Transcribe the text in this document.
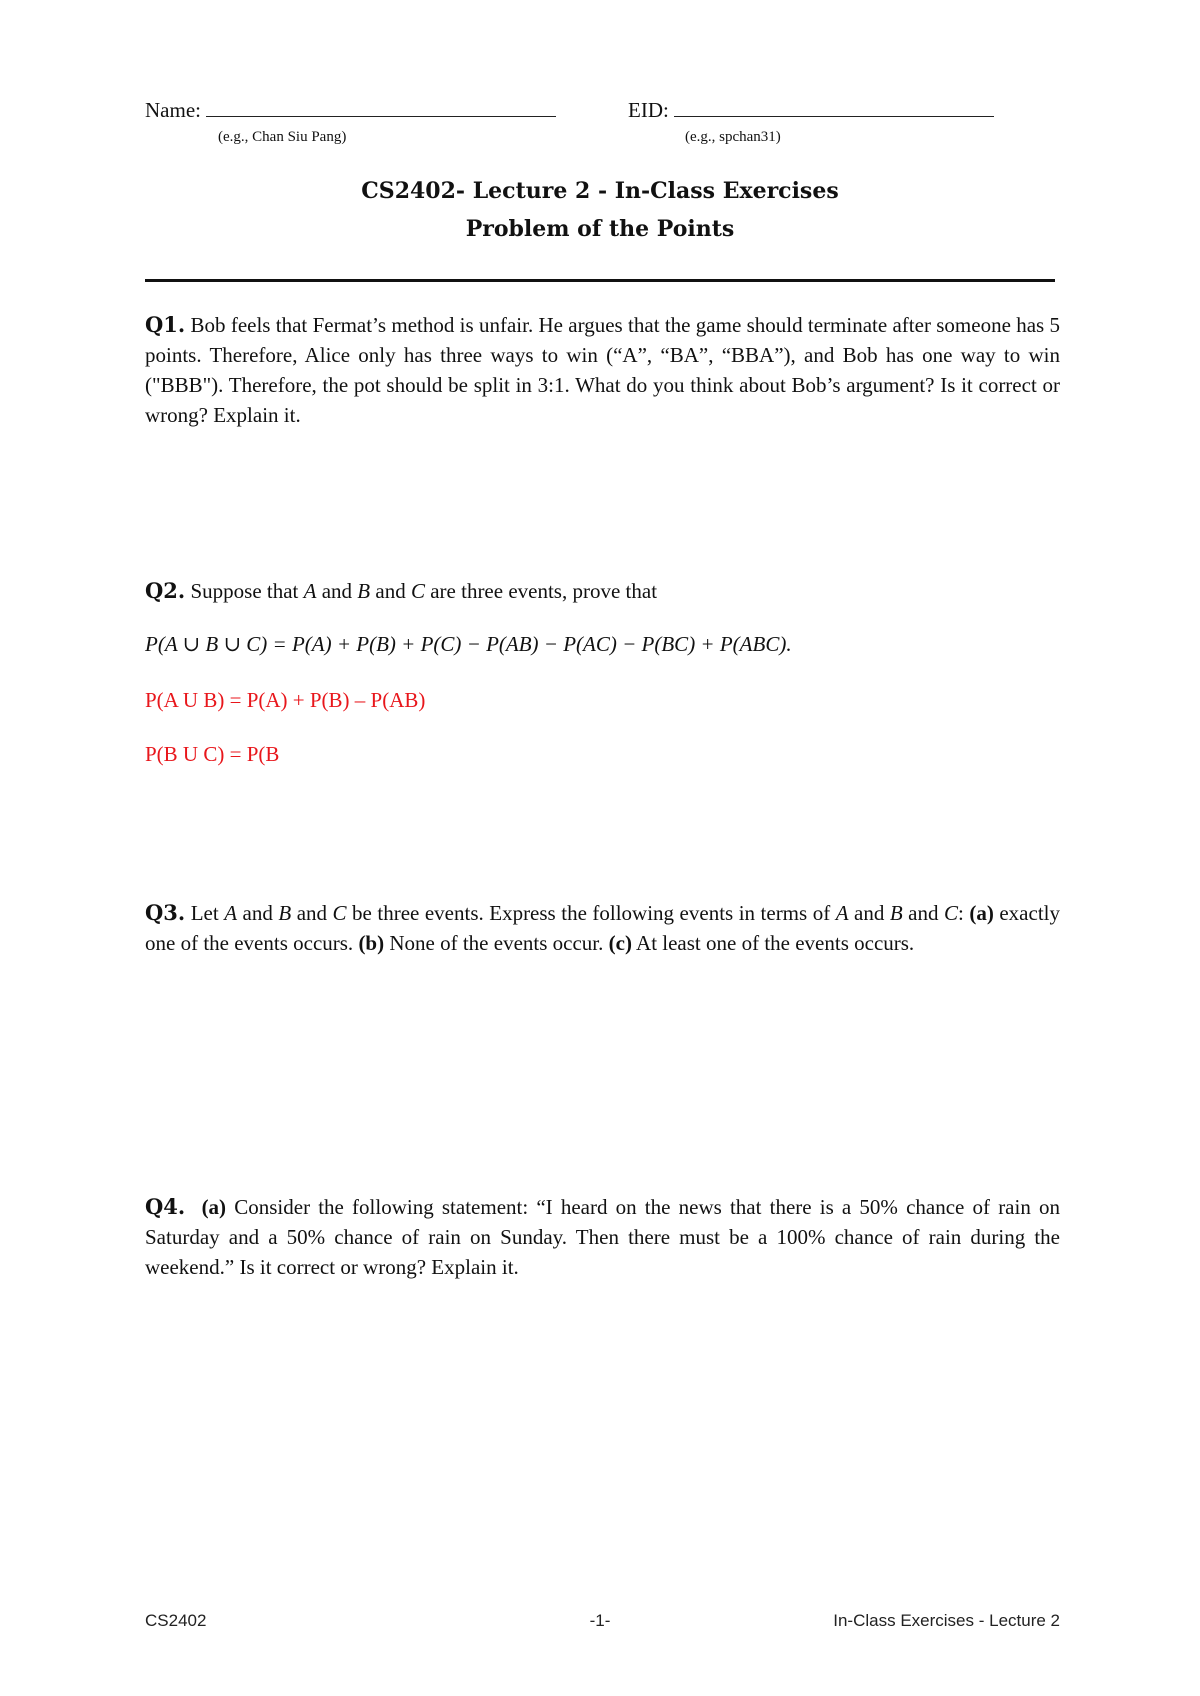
Name:
(e.g., Chan Siu Pang)
EID:
(e.g., spchan31)
CS2402- Lecture 2 - In-Class Exercises
Problem of the Points
Q1. Bob feels that Fermat’s method is unfair. He argues that the game should terminate after someone has 5 points. Therefore, Alice only has three ways to win (“A”, “BA”, “BBA”), and Bob has one way to win ("BBB"). Therefore, the pot should be split in 3:1. What do you think about Bob’s argument? Is it correct or wrong? Explain it.
Q2. Suppose that A and B and C are three events, prove that
P(A ∪ B ∪ C) = P(A) + P(B) + P(C) − P(AB) − P(AC) − P(BC) + P(ABC).
P(A U B) = P(A) + P(B) – P(AB)
P(B U C) = P(B
Q3. Let A and B and C be three events. Express the following events in terms of A and B and C: (a) exactly one of the events occurs. (b) None of the events occur. (c) At least one of the events occurs.
Q4. (a) Consider the following statement: “I heard on the news that there is a 50% chance of rain on Saturday and a 50% chance of rain on Sunday. Then there must be a 100% chance of rain during the weekend.” Is it correct or wrong? Explain it.
CS2402	-1-	In-Class Exercises - Lecture 2
